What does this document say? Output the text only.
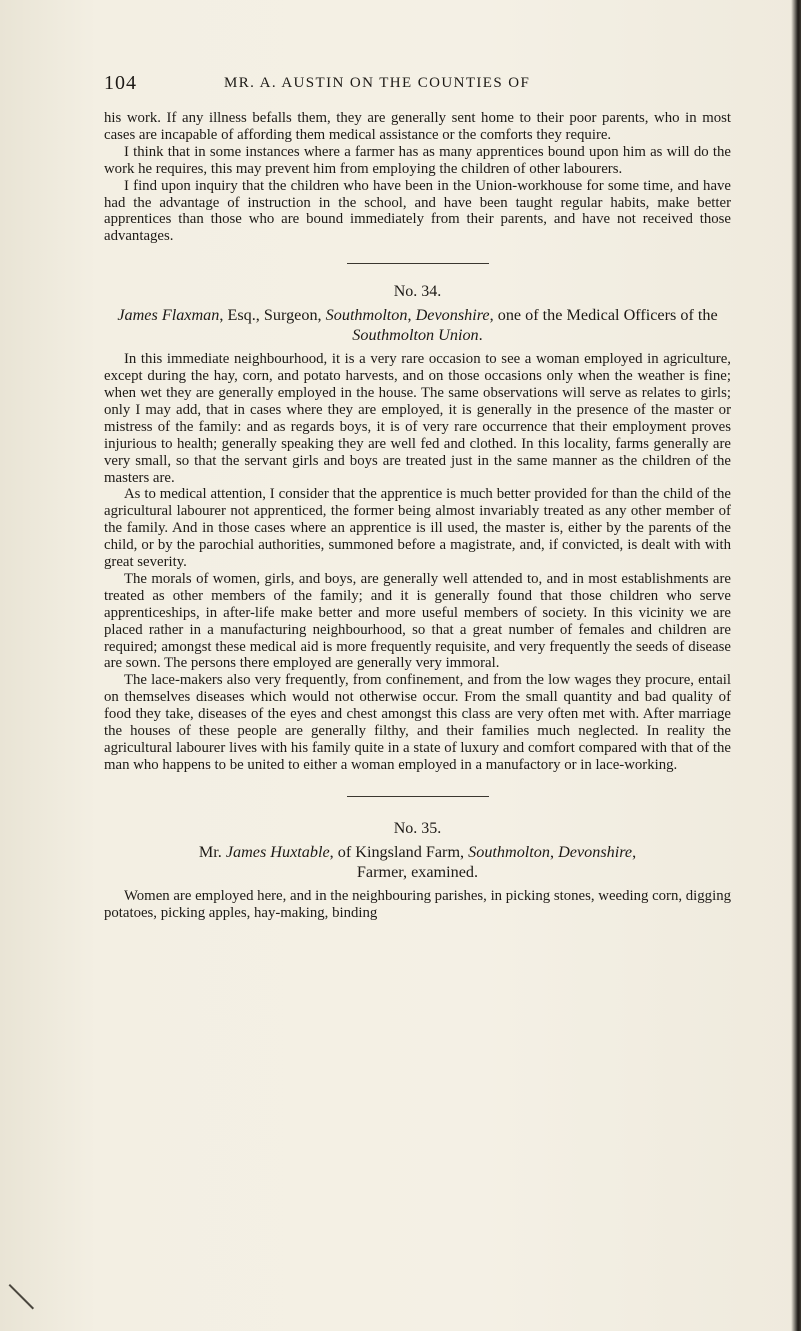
104	MR. A. AUSTIN ON THE COUNTIES OF

his work. If any illness befalls them, they are generally sent home to their poor parents, who in most cases are incapable of affording them medical assistance or the comforts they require.

I think that in some instances where a farmer has as many apprentices bound upon him as will do the work he requires, this may prevent him from employing the children of other labourers.

I find upon inquiry that the children who have been in the Union-workhouse for some time, and have had the advantage of instruction in the school, and have been taught regular habits, make better apprentices than those who are bound immediately from their parents, and have not received those advantages.

No. 34.
James Flaxman, Esq., Surgeon, Southmolton, Devonshire, one of the Medical Officers of the Southmolton Union.

In this immediate neighbourhood, it is a very rare occasion to see a woman employed in agriculture, except during the hay, corn, and potato harvests, and on those occasions only when the weather is fine; when wet they are generally employed in the house. The same observations will serve as relates to girls; only I may add, that in cases where they are employed, it is generally in the presence of the master or mistress of the family: and as regards boys, it is of very rare occurrence that their employment proves injurious to health; generally speaking they are well fed and clothed. In this locality, farms generally are very small, so that the servant girls and boys are treated just in the same manner as the children of the masters are.

As to medical attention, I consider that the apprentice is much better provided for than the child of the agricultural labourer not apprenticed, the former being almost invariably treated as any other member of the family. And in those cases where an apprentice is ill used, the master is, either by the parents of the child, or by the parochial authorities, summoned before a magistrate, and, if convicted, is dealt with with great severity.

The morals of women, girls, and boys, are generally well attended to, and in most establishments are treated as other members of the family; and it is generally found that those children who serve apprenticeships, in after-life make better and more useful members of society. In this vicinity we are placed rather in a manufacturing neighbourhood, so that a great number of females and children are required; amongst these medical aid is more frequently requisite, and very frequently the seeds of disease are sown. The persons there employed are generally very immoral.

The lace-makers also very frequently, from confinement, and from the low wages they procure, entail on themselves diseases which would not otherwise occur. From the small quantity and bad quality of food they take, diseases of the eyes and chest amongst this class are very often met with. After marriage the houses of these people are generally filthy, and their families much neglected. In reality the agricultural labourer lives with his family quite in a state of luxury and comfort compared with that of the man who happens to be united to either a woman employed in a manufactory or in lace-working.

No. 35.
Mr. James Huxtable, of Kingsland Farm, Southmolton, Devonshire,
Farmer, examined.

Women are employed here, and in the neighbouring parishes, in picking stones, weeding corn, digging potatoes, picking apples, hay-making, binding
